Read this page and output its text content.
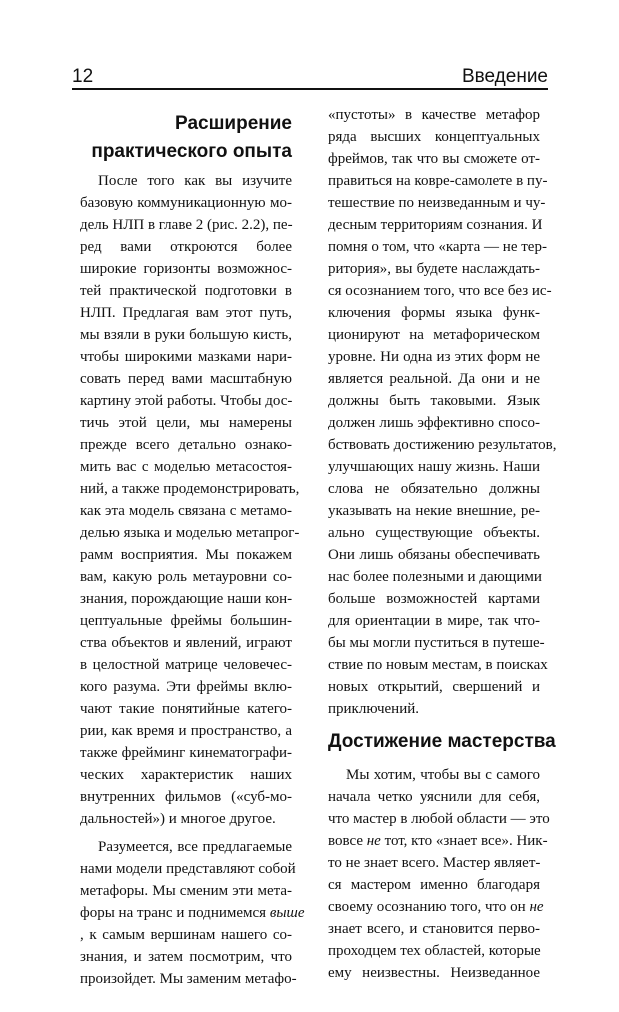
12	Введение
Расширение
практического опыта
После того как вы изучите
базовую коммуникационную мо-
дель НЛП в главе 2 (рис. 2.2), пе-
ред вами откроются более
широкие горизонты возможнос-
тей практической подготовки в
НЛП. Предлагая вам этот путь,
мы взяли в руки большую кисть,
чтобы широкими мазками нари-
совать перед вами масштабную
картину этой работы. Чтобы дос-
тичь этой цели, мы намерены
прежде всего детально ознако-
мить вас с моделью метасостоя-
ний, а также продемонстрировать,
как эта модель связана с метамо-
делью языка и моделью метапрог-
рамм восприятия. Мы покажем
вам, какую роль метауровни со-
знания, порождающие наши кон-
цептуальные фреймы большин-
ства объектов и явлений, играют
в целостной матрице человечес-
кого разума. Эти фреймы вклю-
чают такие понятийные катего-
рии, как время и пространство, а
также фрейминг кинематографи-
ческих характеристик наших
внутренних фильмов («суб-мо-
дальностей») и многое другое.
Разумеется, все предлагаемые
нами модели представляют собой
метафоры. Мы сменим эти мета-
форы на транс и поднимемся выше
, к самым вершинам нашего со-
знания, и затем посмотрим, что
произойдет. Мы заменим метафо-
«пустоты» в качестве метафор
ряда высших концептуальных
фреймов, так что вы сможете от-
правиться на ковре-самолете в пу-
тешествие по неизведанным и чу-
десным территориям сознания. И
помня о том, что «карта — не тер-
ритория», вы будете наслаждать-
ся осознанием того, что все без ис-
ключения формы языка функ-
ционируют на метафорическом
уровне. Ни одна из этих форм не
является реальной. Да они и не
должны быть таковыми. Язык
должен лишь эффективно спосо-
бствовать достижению результатов,
улучшающих нашу жизнь. Наши
слова не обязательно должны
указывать на некие внешние, ре-
ально существующие объекты.
Они лишь обязаны обеспечивать
нас более полезными и дающими
больше возможностей картами
для ориентации в мире, так что-
бы мы могли пуститься в путеше-
ствие по новым местам, в поисках
новых открытий, свершений и
приключений.
Достижение мастерства
Мы хотим, чтобы вы с самого
начала четко уяснили для себя,
что мастер в любой области — это
вовсе не тот, кто «знает все». Ник-
то не знает всего. Мастер являет-
ся мастером именно благодаря
своему осознанию того, что он не
знает всего, и становится перво-
проходцем тех областей, которые
ему неизвестны. Неизведанное
